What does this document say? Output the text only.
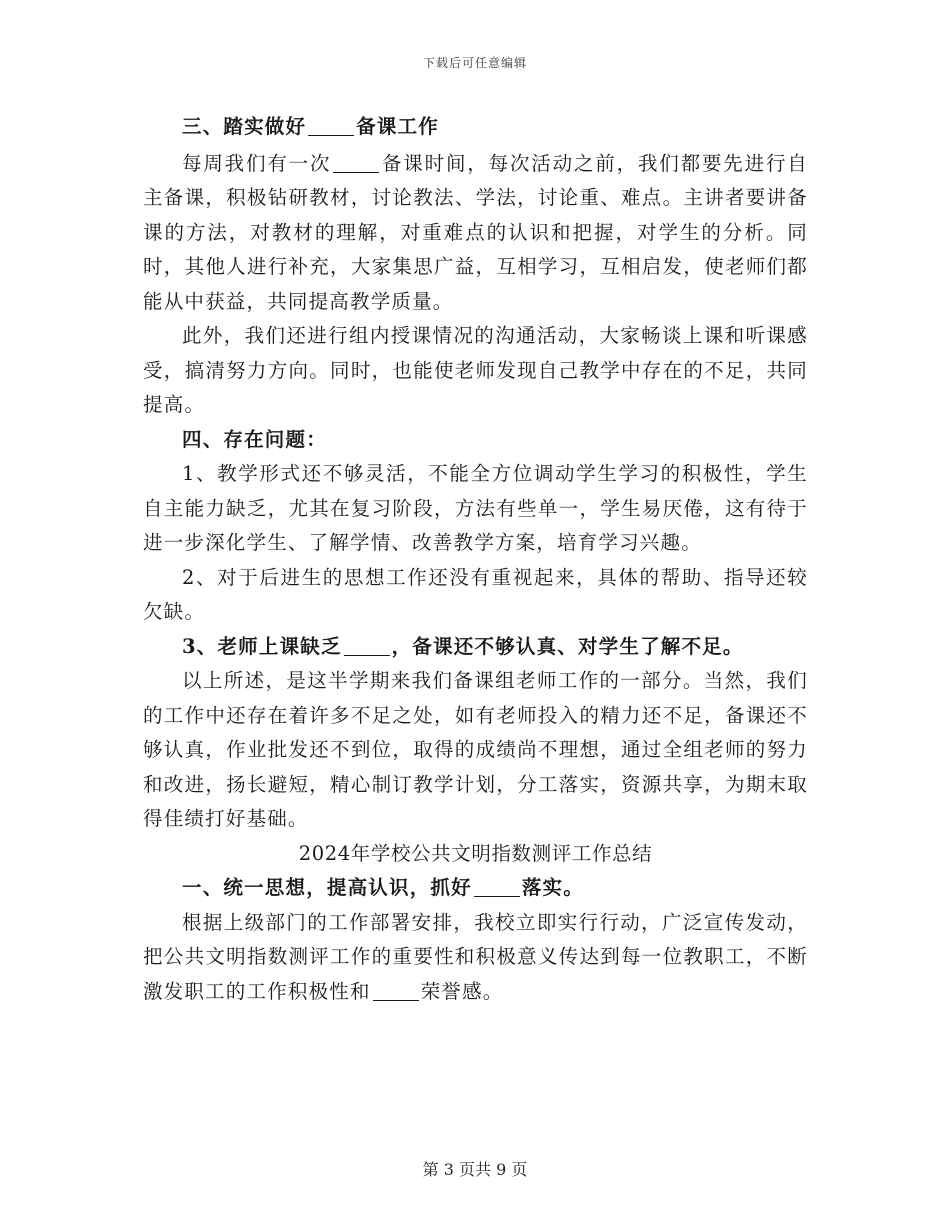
下载后可任意编辑

三、踏实做好	备课工作

每周我们有一次	备课时间，每次活动之前，我们都要先进行自主备课，积极钻研教材，讨论教法、学法，讨论重、难点。主讲者要讲备课的方法，对教材的理解，对重难点的认识和把握，对学生的分析。同时，其他人进行补充，大家集思广益，互相学习，互相启发，使老师们都能从中获益，共同提高教学质量。

此外，我们还进行组内授课情况的沟通活动，大家畅谈上课和听课感受，搞清努力方向。同时，也能使老师发现自己教学中存在的不足，共同提高。

四、存在问题：

1、教学形式还不够灵活，不能全方位调动学生学习的积极性，学生自主能力缺乏，尤其在复习阶段，方法有些单一，学生易厌倦，这有待于进一步深化学生、了解学情、改善教学方案，培育学习兴趣。

2、对于后进生的思想工作还没有重视起来，具体的帮助、指导还较欠缺。

3、老师上课缺乏	，备课还不够认真、对学生了解不足。

以上所述，是这半学期来我们备课组老师工作的一部分。当然，我们的工作中还存在着许多不足之处，如有老师投入的精力还不足，备课还不够认真，作业批发还不到位，取得的成绩尚不理想，通过全组老师的努力和改进，扬长避短，精心制订教学计划，分工落实，资源共享，为期末取得佳绩打好基础。

2024年学校公共文明指数测评工作总结

一、统一思想，提高认识，抓好	落实。

根据上级部门的工作部署安排，我校立即实行行动，广泛宣传发动，把公共文明指数测评工作的重要性和积极意义传达到每一位教职工，不断激发职工的工作积极性和	荣誉感。

第 3 页共 9 页
